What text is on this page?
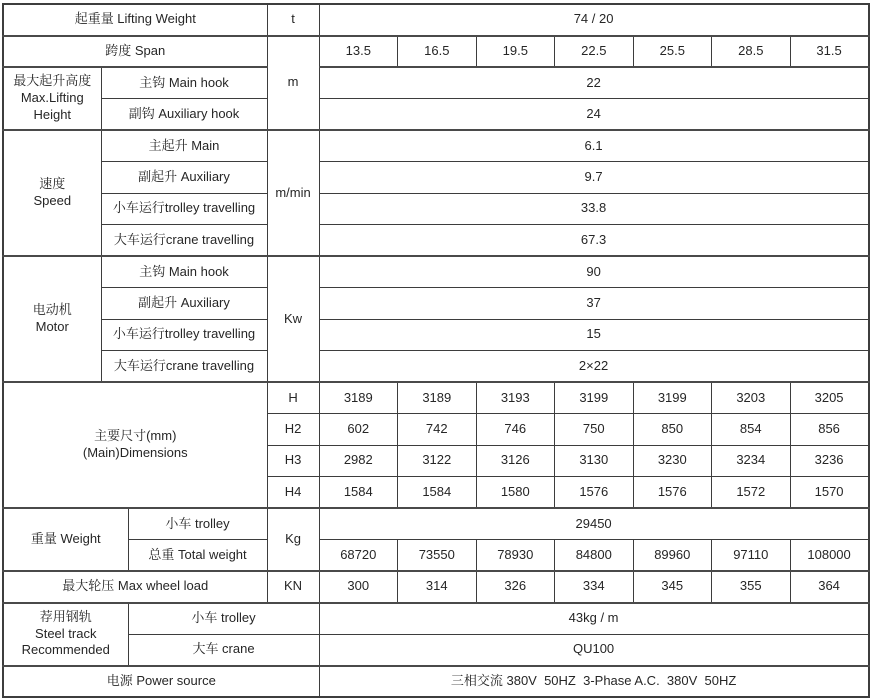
起重量 Lifting Weight			t	74 / 20						
跨度 Span			m	13.5	16.5	19.5	22.5	25.5	28.5	31.5
最大起升高度 Max.Lifting Height	主钩 Main hook			22						
	副钩 Auxiliary hook			24						

速度
Speed	主起升 Main		m/min	6.1						
	副起升 Auxiliary			9.7						
	小车运行trolley travelling			33.8						
	大车运行crane travelling			67.3						

电动机
Motor	主钩 Main hook		Kw	90						
	副起升 Auxiliary			37						
	小车运行trolley travelling			15						
	大车运行crane travelling			2×22						

主要尺寸(mm)
(Main)Dimensions			H	3189	3189	3193	3199	3199	3203	3205
			H2	602	742	746	750	850	854	856
			H3	2982	3122	3126	3130	3230	3234	3236
			H4	1584	1584	1580	1576	1576	1572	1570
重量 Weight		小车 trolley	Kg	29450						
		总重 Total weight		68720	73550	78930	84800	89960	97110	108000
最大轮压 Max wheel load			KN	300	314	326	334	345	355	364

荐用钢轨
Steel track Recommended		小车 trolley		43kg / m						
		大车 crane		QU100						
电源 Power source				三相交流 380V  50HZ  3-Phase A.C.  380V  50HZ						
